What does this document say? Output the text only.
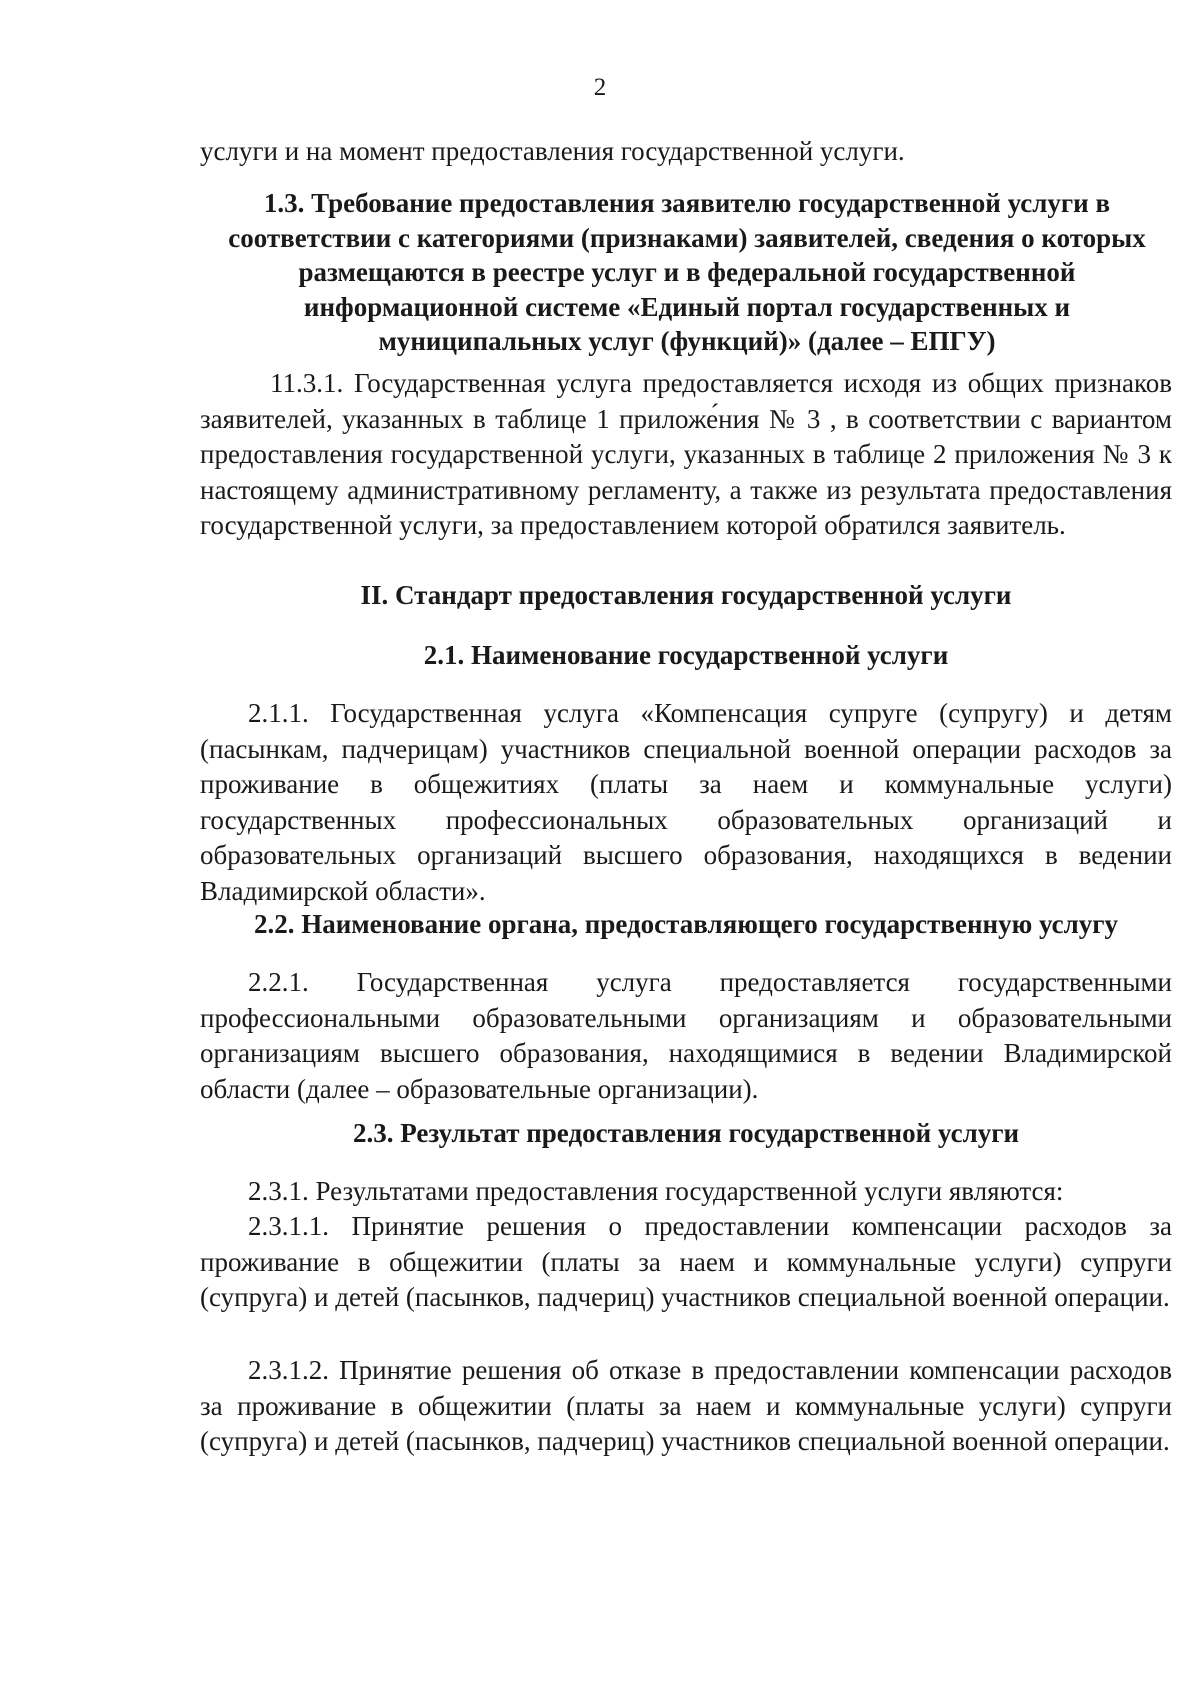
2

услуги и на момент предоставления государственной услуги.

1.3. Требование предоставления заявителю государственной услуги в соответствии с категориями (признаками) заявителей, сведения о которых размещаются в реестре услуг и в федеральной государственной информационной системе «Единый портал государственных и муниципальных услуг (функций)» (далее – ЕПГУ)

11.3.1. Государственная услуга предоставляется исходя из общих признаков заявителей, указанных в таблице 1 приложе́ния № 3 , в соответствии с вариантом предоставления государственной услуги, указанных в таблице 2 приложения № 3 к настоящему административному регламенту, а также из результата предоставления государственной услуги, за предоставлением которой обратился заявитель.

II. Стандарт предоставления государственной услуги
2.1. Наименование государственной услуги

2.1.1. Государственная услуга «Компенсация супруге (супругу) и детям (пасынкам, падчерицам) участников специальной военной операции расходов за проживание в общежитиях (платы за наем и коммунальные услуги) государственных профессиональных образовательных организаций и образовательных организаций высшего образования, находящихся в ведении Владимирской области».

2.2. Наименование органа, предоставляющего государственную услугу

2.2.1. Государственная услуга предоставляется государственными профессиональными образовательными организациям и образовательными организациям высшего образования, находящимися в ведении Владимирской области (далее – образовательные организации).

2.3. Результат предоставления государственной услуги

2.3.1. Результатами предоставления государственной услуги являются:

2.3.1.1. Принятие решения о предоставлении компенсации расходов за проживание в общежитии (платы за наем и коммунальные услуги) супруги (супруга) и детей (пасынков, падчериц) участников специальной военной операции.

2.3.1.2. Принятие решения об отказе в предоставлении компенсации расходов за проживание в общежитии (платы за наем и коммунальные услуги) супруги (супруга) и детей (пасынков, падчериц) участников специальной военной операции.
